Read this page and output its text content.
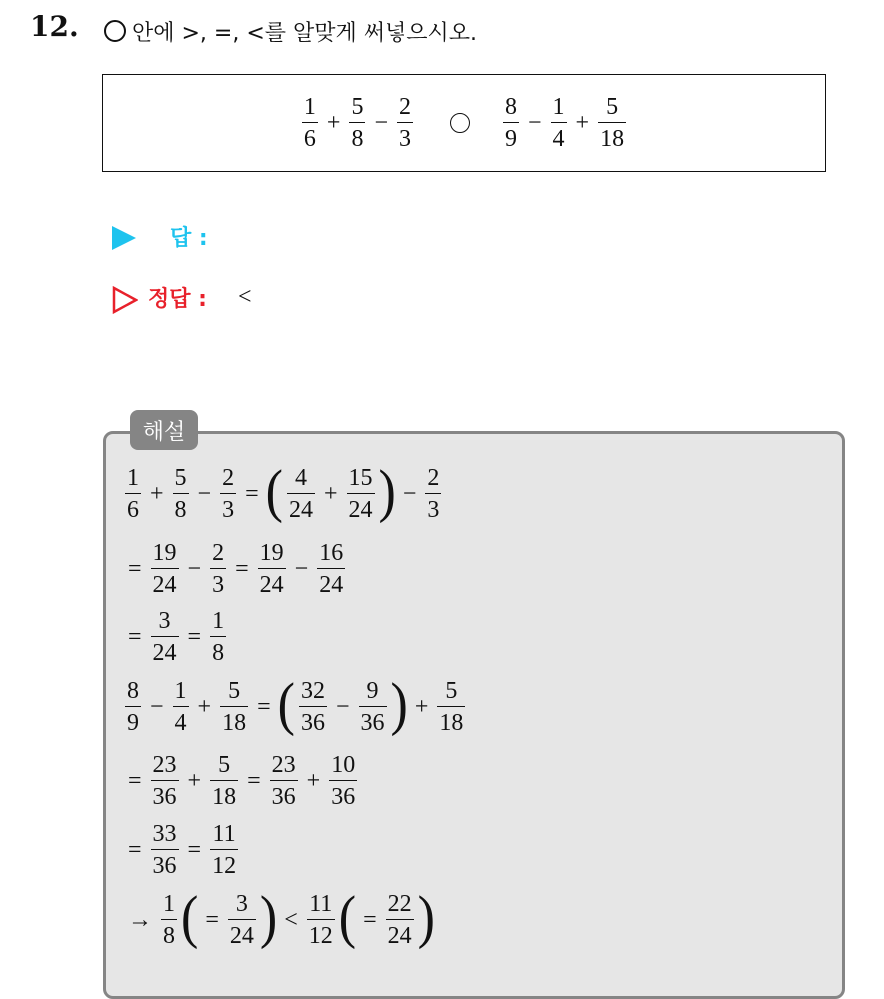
12.	안에 >, =, <를 알맞게 써넣으시오.
$\frac{1}{6} + \frac{5}{8} - \frac{2}{3}$	$\frac{8}{9} - \frac{1}{4} + \frac{5}{18}$
답 :
정답 : <
해설
$\frac{1}{6} + \frac{5}{8} - \frac{2}{3}$ = ( $\frac{4}{24} + \frac{15}{24}$ ) − $\frac{2}{3}$
= $\frac{19}{24} - \frac{2}{3} = \frac{19}{24} - \frac{16}{24}$
= $\frac{3}{24} = \frac{1}{8}$
$\frac{8}{9} - \frac{1}{4} + \frac{5}{18}$ = ( $\frac{32}{36} - \frac{9}{36}$ ) + $\frac{5}{18}$
= $\frac{23}{36} + \frac{5}{18} = \frac{23}{36} + \frac{10}{36}$
= $\frac{33}{36} = \frac{11}{12}$
→ $\frac{1}{8}$ ( = $\frac{3}{24}$ ) < $\frac{11}{12}$ ( = $\frac{22}{24}$ )
